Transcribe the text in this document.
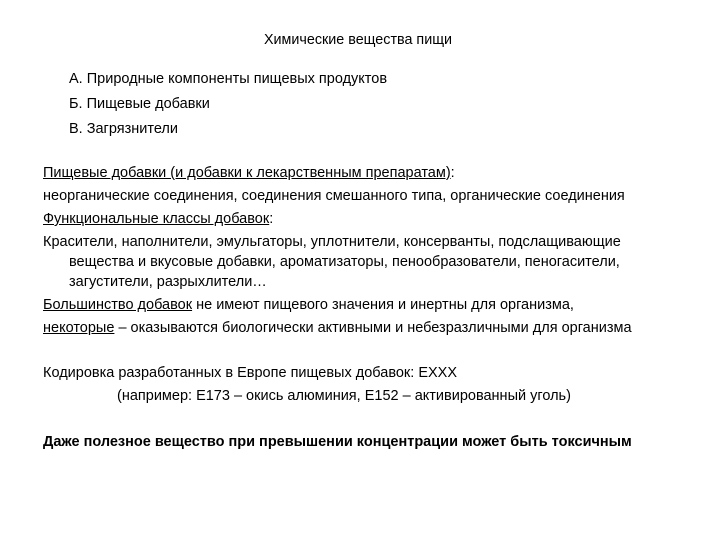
Химические вещества пищи
А. Природные компоненты пищевых продуктов
Б. Пищевые добавки
В. Загрязнители
Пищевые добавки (и добавки к лекарственным препаратам):
неорганические соединения, соединения смешанного типа, органические соединения
Функциональные классы добавок:
Красители, наполнители, эмульгаторы, уплотнители, консерванты, подслащивающие
вещества и вкусовые добавки, ароматизаторы, пенообразователи, пеногасители,
загустители, разрыхлители…
Большинство добавок не имеют пищевого значения и инертны для организма,
некоторые – оказываются биологически активными и небезразличными для организма
Кодировка разработанных в Европе пищевых добавок: ЕХХХ
(например: Е173 – окись алюминия, Е152 – активированный уголь)
Даже полезное вещество при превышении концентрации может быть токсичным
